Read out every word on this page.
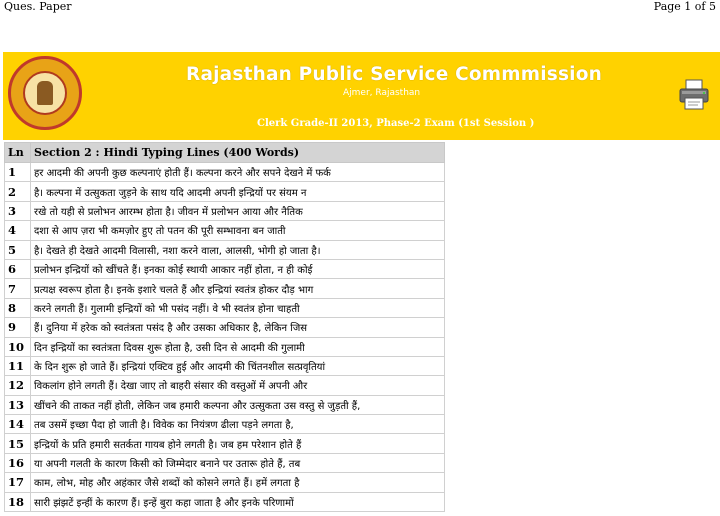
Ques. Paper	Page 1 of 5
Rajasthan Public Service Commmission
Ajmer, Rajasthan
Clerk Grade-II 2013, Phase-2 Exam (1st Session )
Ln	Section 2 : Hindi Typing Lines (400 Words)
1	हर आदमी की अपनी कुछ कल्पनाएं होती हैं। कल्पना करने और सपने देखने में फर्क
2	है। कल्पना में उत्सुकता जुड़ने के साथ यदि आदमी अपनी इन्द्रियों पर संयम न
3	रखे तो यही से प्रलोभन आरम्भ होता है। जीवन में प्रलोभन आया और नैतिक
4	दशा से आप ज़रा भी कमज़ोर हुए तो पतन की पूरी सम्भावना बन जाती
5	है। देखते ही देखते आदमी विलासी, नशा करने वाला, आलसी, भोगी हो जाता है।
6	प्रलोभन इन्द्रियों को खींचते हैं। इनका कोई स्थायी आकार नहीं होता, न ही कोई
7	प्रत्यक्ष स्वरूप होता है। इनके इशारे चलते हैं और इन्द्रियां स्वतंत्र होकर दौड़ भाग
8	करने लगती हैं। गुलामी इन्द्रियों को भी पसंद नहीं। वे भी स्वतंत्र होना चाहती
9	हैं। दुनिया में हरेक को स्वतंत्रता पसंद है और उसका अधिकार है, लेकिन जिस
10	दिन इन्द्रियों का स्वतंत्रता दिवस शुरू होता है, उसी दिन से आदमी की गुलामी
11	के दिन शुरू हो जाते हैं। इन्द्रियां एक्टिव हुई और आदमी की चिंतनशील सत्प्रवृतियां
12	विकलांग होने लगती हैं। देखा जाए तो बाहरी संसार की वस्तुओं में अपनी और
13	खींचने की ताकत नहीं होती, लेकिन जब हमारी कल्पना और उत्सुकता उस वस्तु से जुड़ती हैं,
14	तब उसमें इच्छा पैदा हो जाती है। विवेक का नियंत्रण ढीला पड़ने लगता है,
15	इन्द्रियों के प्रति हमारी सतर्कता गायब होने लगती है। जब हम परेशान होते हैं
16	या अपनी गलती के कारण किसी को जिम्मेदार बनाने पर उतारू होते हैं, तब
17	काम, लोभ, मोह और अहंकार जैसे शब्दों को कोसने लगते हैं। हमें लगता है
18	सारी झंझटें इन्हीं के कारण हैं। इन्हें बुरा कहा जाता है और इनके परिणामों
